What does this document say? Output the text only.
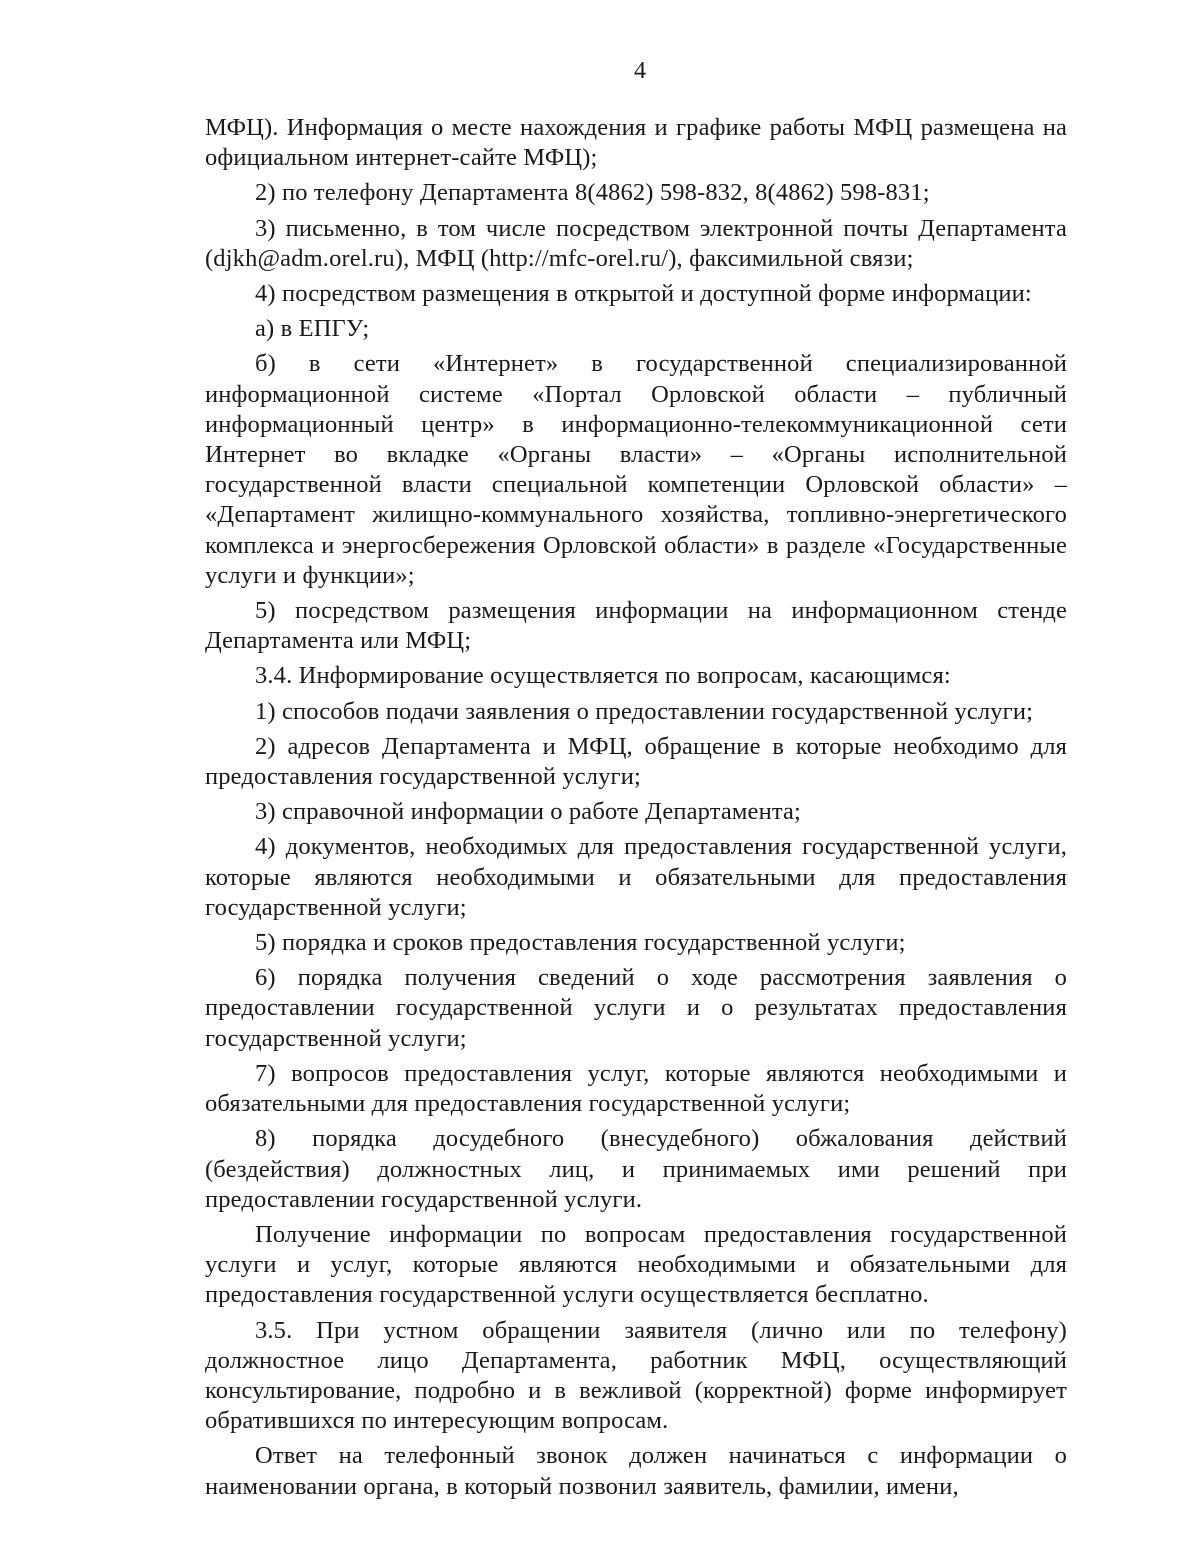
4

МФЦ). Информация о месте нахождения и графике работы МФЦ размещена на официальном интернет-сайте МФЦ);

2) по телефону Департамента 8(4862) 598-832, 8(4862) 598-831;

3) письменно, в том числе посредством электронной почты Департамента (djkh@adm.orel.ru), МФЦ (http://mfc-orel.ru/), факсимильной связи;

4) посредством размещения в открытой и доступной форме информации:

а) в ЕПГУ;

б) в сети «Интернет» в государственной специализированной информационной системе «Портал Орловской области – публичный информационный центр» в информационно-телекоммуникационной сети Интернет во вкладке «Органы власти» – «Органы исполнительной государственной власти специальной компетенции Орловской области» – «Департамент жилищно-коммунального хозяйства, топливно-энергетического комплекса и энергосбережения Орловской области» в разделе «Государственные услуги и функции»;

5) посредством размещения информации на информационном стенде Департамента или МФЦ;

3.4. Информирование осуществляется по вопросам, касающимся:

1) способов подачи заявления о предоставлении государственной услуги;

2) адресов Департамента и МФЦ, обращение в которые необходимо для предоставления государственной услуги;

3) справочной информации о работе Департамента;

4) документов, необходимых для предоставления государственной услуги, которые являются необходимыми и обязательными для предоставления государственной услуги;

5) порядка и сроков предоставления государственной услуги;

6) порядка получения сведений о ходе рассмотрения заявления о предоставлении государственной услуги и о результатах предоставления государственной услуги;

7) вопросов предоставления услуг, которые являются необходимыми и обязательными для предоставления государственной услуги;

8) порядка досудебного (внесудебного) обжалования действий (бездействия) должностных лиц, и принимаемых ими решений при предоставлении государственной услуги.

Получение информации по вопросам предоставления государственной услуги и услуг, которые являются необходимыми и обязательными для предоставления государственной услуги осуществляется бесплатно.

3.5. При устном обращении заявителя (лично или по телефону) должностное лицо Департамента, работник МФЦ, осуществляющий консультирование, подробно и в вежливой (корректной) форме информирует обратившихся по интересующим вопросам.

Ответ на телефонный звонок должен начинаться с информации о наименовании органа, в который позвонил заявитель, фамилии, имени,
